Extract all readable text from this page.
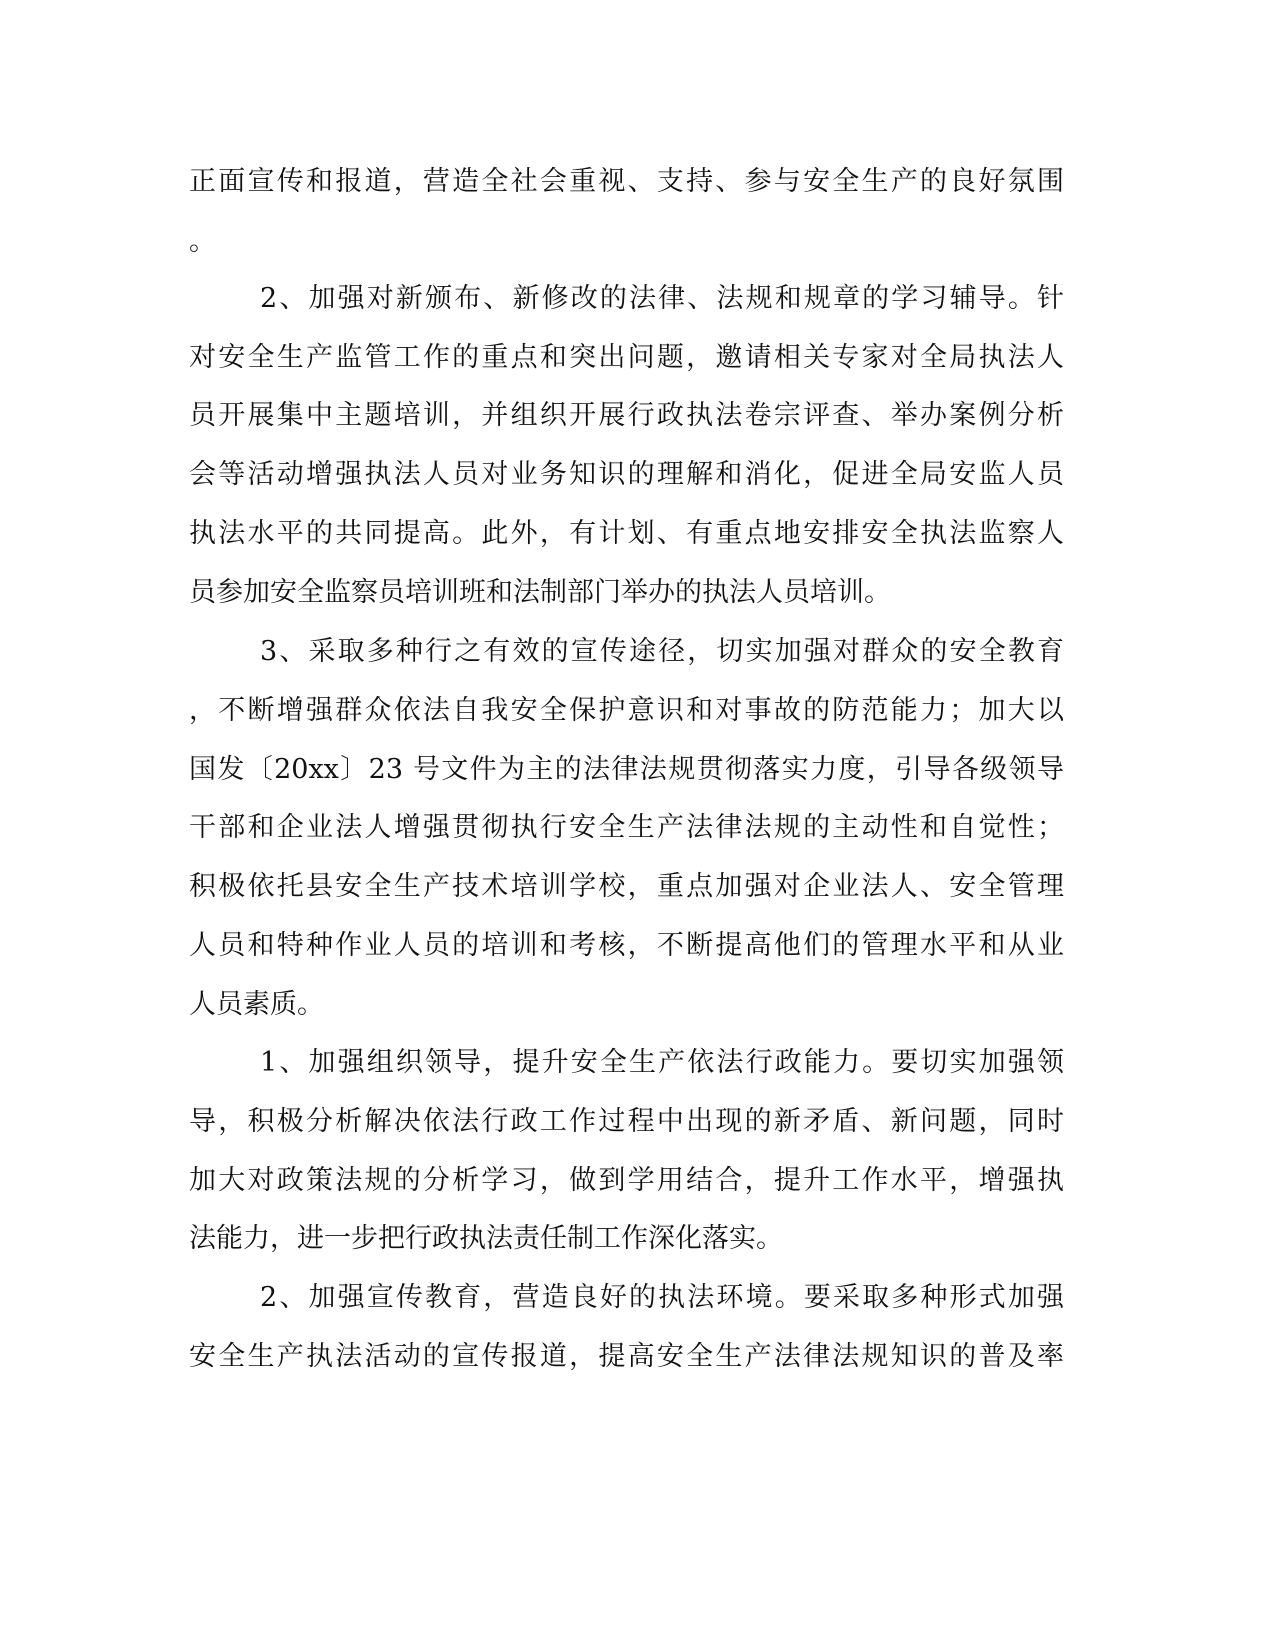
正面宣传和报道，营造全社会重视、支持、参与安全生产的良好氛围
。
2、加强对新颁布、新修改的法律、法规和规章的学习辅导。针
对安全生产监管工作的重点和突出问题，邀请相关专家对全局执法人
员开展集中主题培训，并组织开展行政执法卷宗评查、举办案例分析
会等活动增强执法人员对业务知识的理解和消化，促进全局安监人员
执法水平的共同提高。此外，有计划、有重点地安排安全执法监察人
员参加安全监察员培训班和法制部门举办的执法人员培训。
3、采取多种行之有效的宣传途径，切实加强对群众的安全教育
，不断增强群众依法自我安全保护意识和对事故的防范能力；加大以
国发〔20xx〕23 号文件为主的法律法规贯彻落实力度，引导各级领导
干部和企业法人增强贯彻执行安全生产法律法规的主动性和自觉性；
积极依托县安全生产技术培训学校，重点加强对企业法人、安全管理
人员和特种作业人员的培训和考核，不断提高他们的管理水平和从业
人员素质。
1、加强组织领导，提升安全生产依法行政能力。要切实加强领
导，积极分析解决依法行政工作过程中出现的新矛盾、新问题，同时
加大对政策法规的分析学习，做到学用结合，提升工作水平，增强执
法能力，进一步把行政执法责任制工作深化落实。
2、加强宣传教育，营造良好的执法环境。要采取多种形式加强
安全生产执法活动的宣传报道，提高安全生产法律法规知识的普及率
